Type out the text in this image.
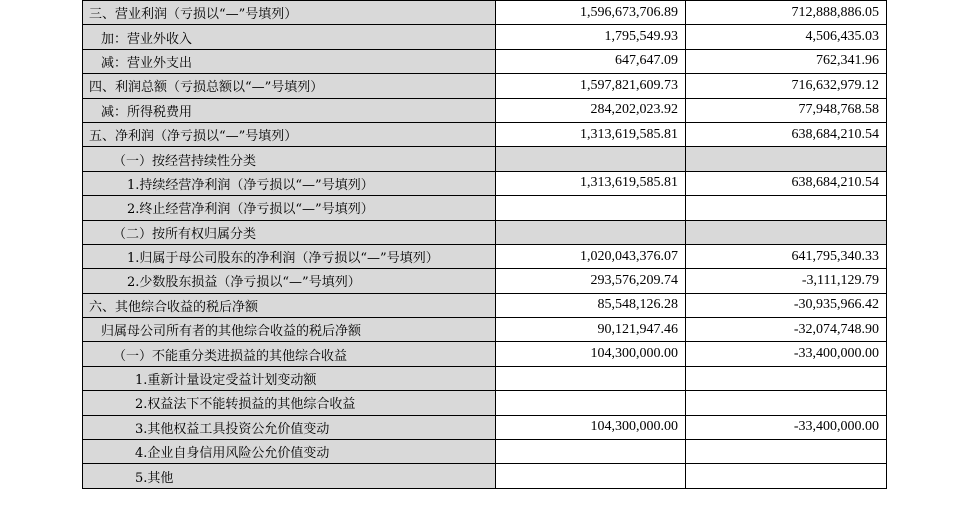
三、营业利润（亏损以“—”号填列）	1,596,673,706.89	712,888,886.05
加：营业外收入	1,795,549.93	4,506,435.03
减：营业外支出	647,647.09	762,341.96
四、利润总额（亏损总额以“—”号填列）	1,597,821,609.73	716,632,979.12
减：所得税费用	284,202,023.92	77,948,768.58
五、净利润（净亏损以“—”号填列）	1,313,619,585.81	638,684,210.54
（一）按经营持续性分类		
1.持续经营净利润（净亏损以“—”号填列）	1,313,619,585.81	638,684,210.54
2.终止经营净利润（净亏损以“—”号填列）		
（二）按所有权归属分类		
1.归属于母公司股东的净利润（净亏损以“—”号填列）	1,020,043,376.07	641,795,340.33
2.少数股东损益（净亏损以“—”号填列）	293,576,209.74	-3,111,129.79
六、其他综合收益的税后净额	85,548,126.28	-30,935,966.42
归属母公司所有者的其他综合收益的税后净额	90,121,947.46	-32,074,748.90
（一）不能重分类进损益的其他综合收益	104,300,000.00	-33,400,000.00
1.重新计量设定受益计划变动额		
2.权益法下不能转损益的其他综合收益		
3.其他权益工具投资公允价值变动	104,300,000.00	-33,400,000.00
4.企业自身信用风险公允价值变动		
5.其他		
